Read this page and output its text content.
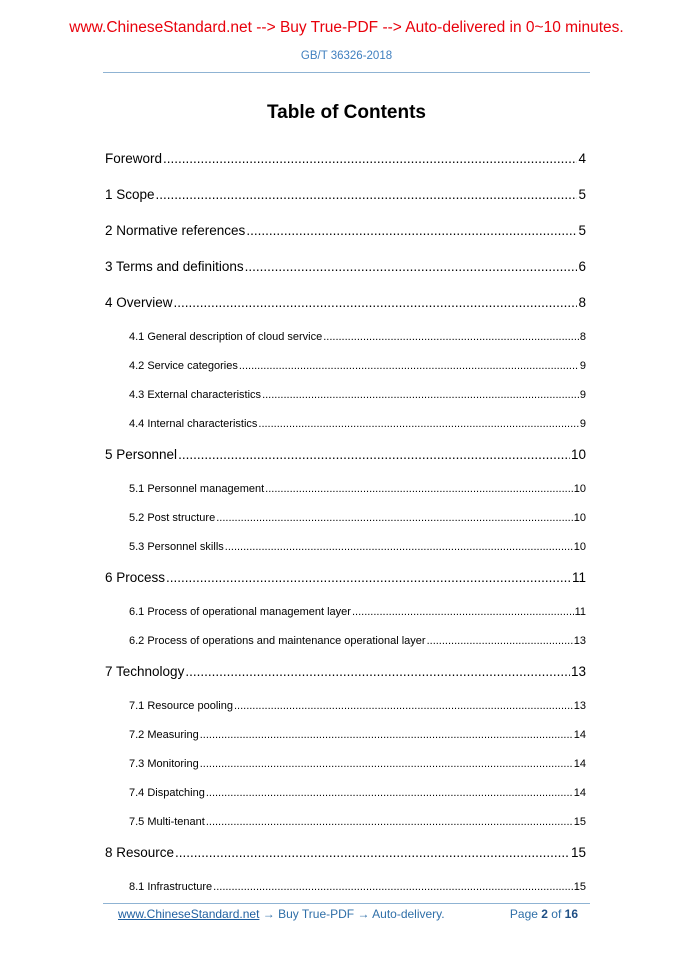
www.ChineseStandard.net --> Buy True-PDF --> Auto-delivered in 0~10 minutes.
GB/T 36326-2018
Table of Contents
Foreword .....	4
1 Scope .....	5
2 Normative references .....	5
3 Terms and definitions .....	6
4 Overview .....	8
4.1 General description of cloud service .....	8
4.2 Service categories .....	9
4.3 External characteristics .....	9
4.4 Internal characteristics .....	9
5 Personnel .....	10
5.1 Personnel management .....	10
5.2 Post structure .....	10
5.3 Personnel skills .....	10
6 Process .....	11
6.1 Process of operational management layer .....	11
6.2 Process of operations and maintenance operational layer .....	13
7 Technology .....	13
7.1 Resource pooling .....	13
7.2 Measuring .....	14
7.3 Monitoring .....	14
7.4 Dispatching .....	14
7.5 Multi-tenant .....	15
8 Resource .....	15
8.1 Infrastructure .....	15
www.ChineseStandard.net → Buy True-PDF → Auto-delivery.	Page 2 of 16
